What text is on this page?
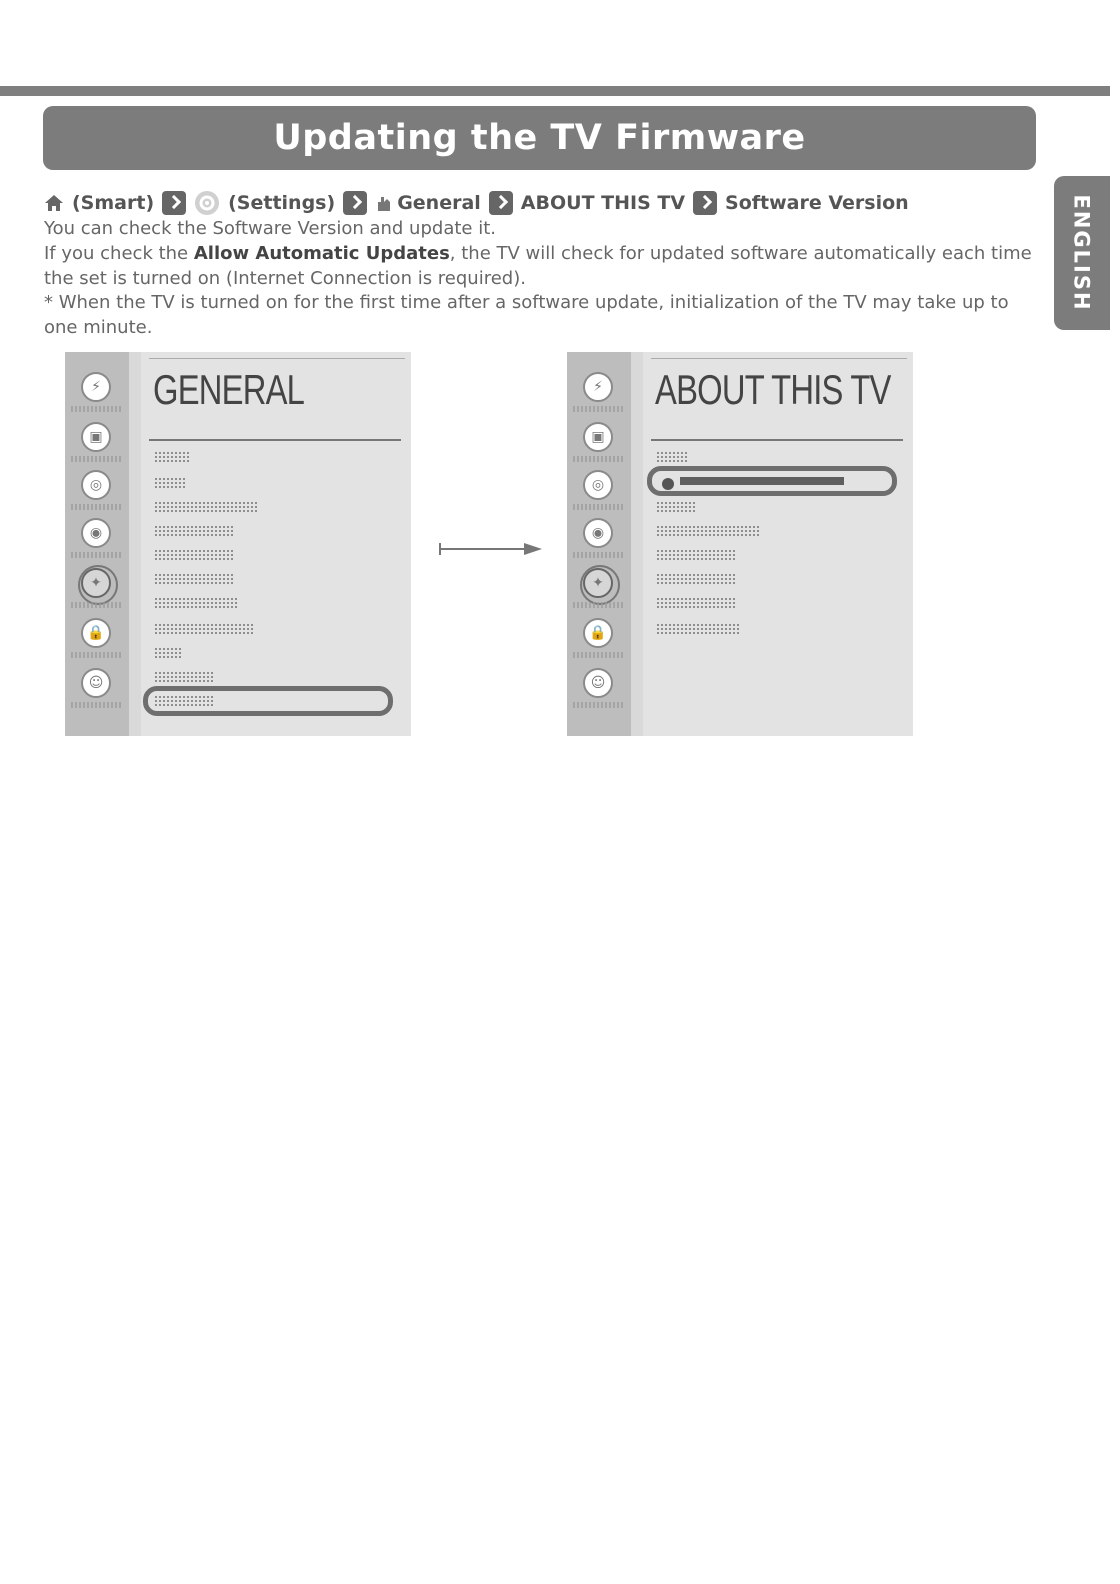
Updating the TV Firmware
ENGLISH
(Smart)	(Settings)	General ABOUT THIS TV Software Version
You can check the Software Version and update it.
If you check the Allow Automatic Updates, the TV will check for updated software automatically each time the set is turned on (Internet Connection is required).
* When the TV is turned on for the first time after a software update, initialization of the TV may take up to one minute.
⚡
▣
◎
◉
✦
🔒
☺
GENERAL	⚡
▣
◎
◉
✦
🔒
☺
ABOUT THIS TV
